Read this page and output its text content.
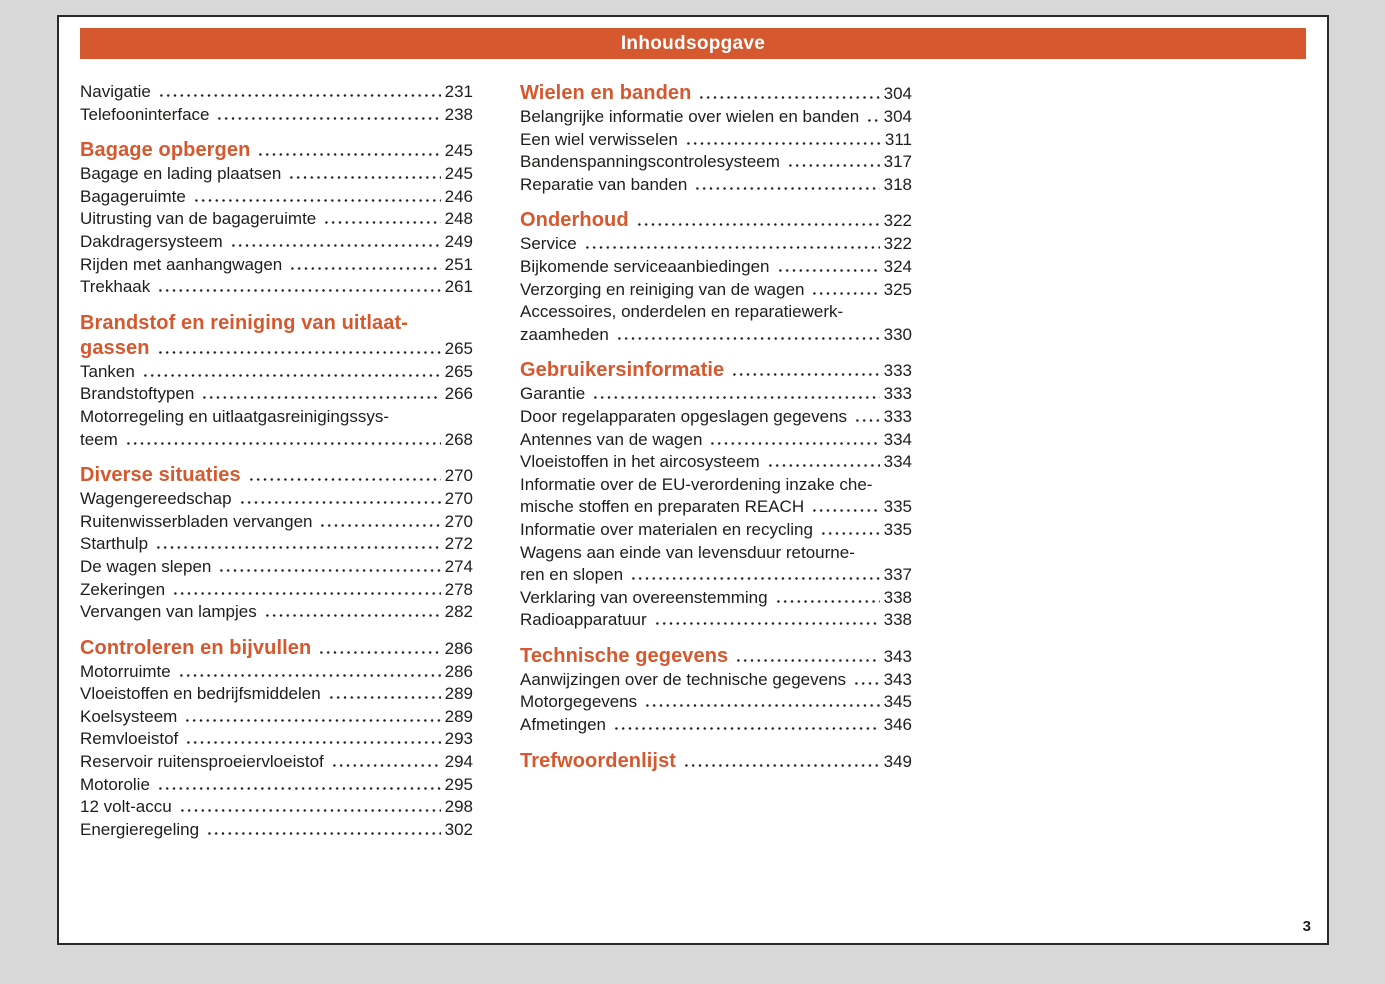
Inhoudsopgave
Navigatie	231
Telefooninterface	238
Bagage opbergen	245
Bagage en lading plaatsen	245
Bagageruimte	246
Uitrusting van de bagageruimte	248
Dakdragersysteem	249
Rijden met aanhangwagen	251
Trekhaak	261
Brandstof en reiniging van uitlaat-
gassen	265
Tanken	265
Brandstoftypen	266
Motorregeling en uitlaatgasreinigingssys-
teem	268
Diverse situaties	270
Wagengereedschap	270
Ruitenwisserbladen vervangen	270
Starthulp	272
De wagen slepen	274
Zekeringen	278
Vervangen van lampjes	282
Controleren en bijvullen	286
Motorruimte	286
Vloeistoffen en bedrijfsmiddelen	289
Koelsysteem	289
Remvloeistof	293
Reservoir ruitensproeiervloeistof	294
Motorolie	295
12 volt-accu	298
Energieregeling	302
Wielen en banden	304
Belangrijke informatie over wielen en banden 304
Een wiel verwisselen	311
Bandenspanningscontrolesysteem	317
Reparatie van banden	318
Onderhoud	322
Service	322
Bijkomende serviceaanbiedingen	324
Verzorging en reiniging van de wagen	325
Accessoires, onderdelen en reparatiewerk-
zaamheden	330
Gebruikersinformatie	333
Garantie	333
Door regelapparaten opgeslagen gegevens 333
Antennes van de wagen	334
Vloeistoffen in het aircosysteem	334
Informatie over de EU-verordening inzake che-
mische stoffen en preparaten REACH	335
Informatie over materialen en recycling	335
Wagens aan einde van levensduur retourne-
ren en slopen	337
Verklaring van overeenstemming	338
Radioapparatuur	338
Technische gegevens	343
Aanwijzingen over de technische gegevens 343
Motorgegevens	345
Afmetingen	346
Trefwoordenlijst	349
3
